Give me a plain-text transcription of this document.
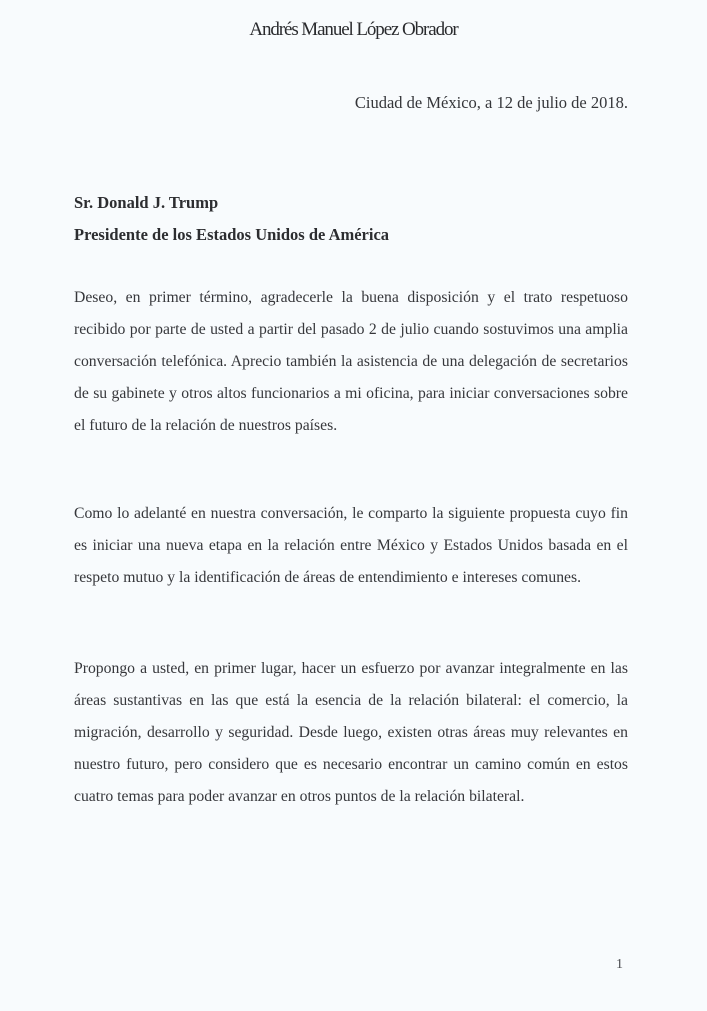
Andrés Manuel López Obrador
Ciudad de México, a 12 de julio de 2018.
Sr. Donald J. Trump
Presidente de los Estados Unidos de América
Deseo, en primer término, agradecerle la buena disposición y el trato respetuoso recibido por parte de usted a partir del pasado 2 de julio cuando sostuvimos una amplia conversación telefónica. Aprecio también la asistencia de una delegación de secretarios de su gabinete y otros altos funcionarios a mi oficina, para iniciar conversaciones sobre el futuro de la relación de nuestros países.
Como lo adelanté en nuestra conversación, le comparto la siguiente propuesta cuyo fin es iniciar una nueva etapa en la relación entre México y Estados Unidos basada en el respeto mutuo y la identificación de áreas de entendimiento e intereses comunes.
Propongo a usted, en primer lugar, hacer un esfuerzo por avanzar integralmente en las áreas sustantivas en las que está la esencia de la relación bilateral: el comercio, la migración, desarrollo y seguridad. Desde luego, existen otras áreas muy relevantes en nuestro futuro, pero considero que es necesario encontrar un camino común en estos cuatro temas para poder avanzar en otros puntos de la relación bilateral.
1
